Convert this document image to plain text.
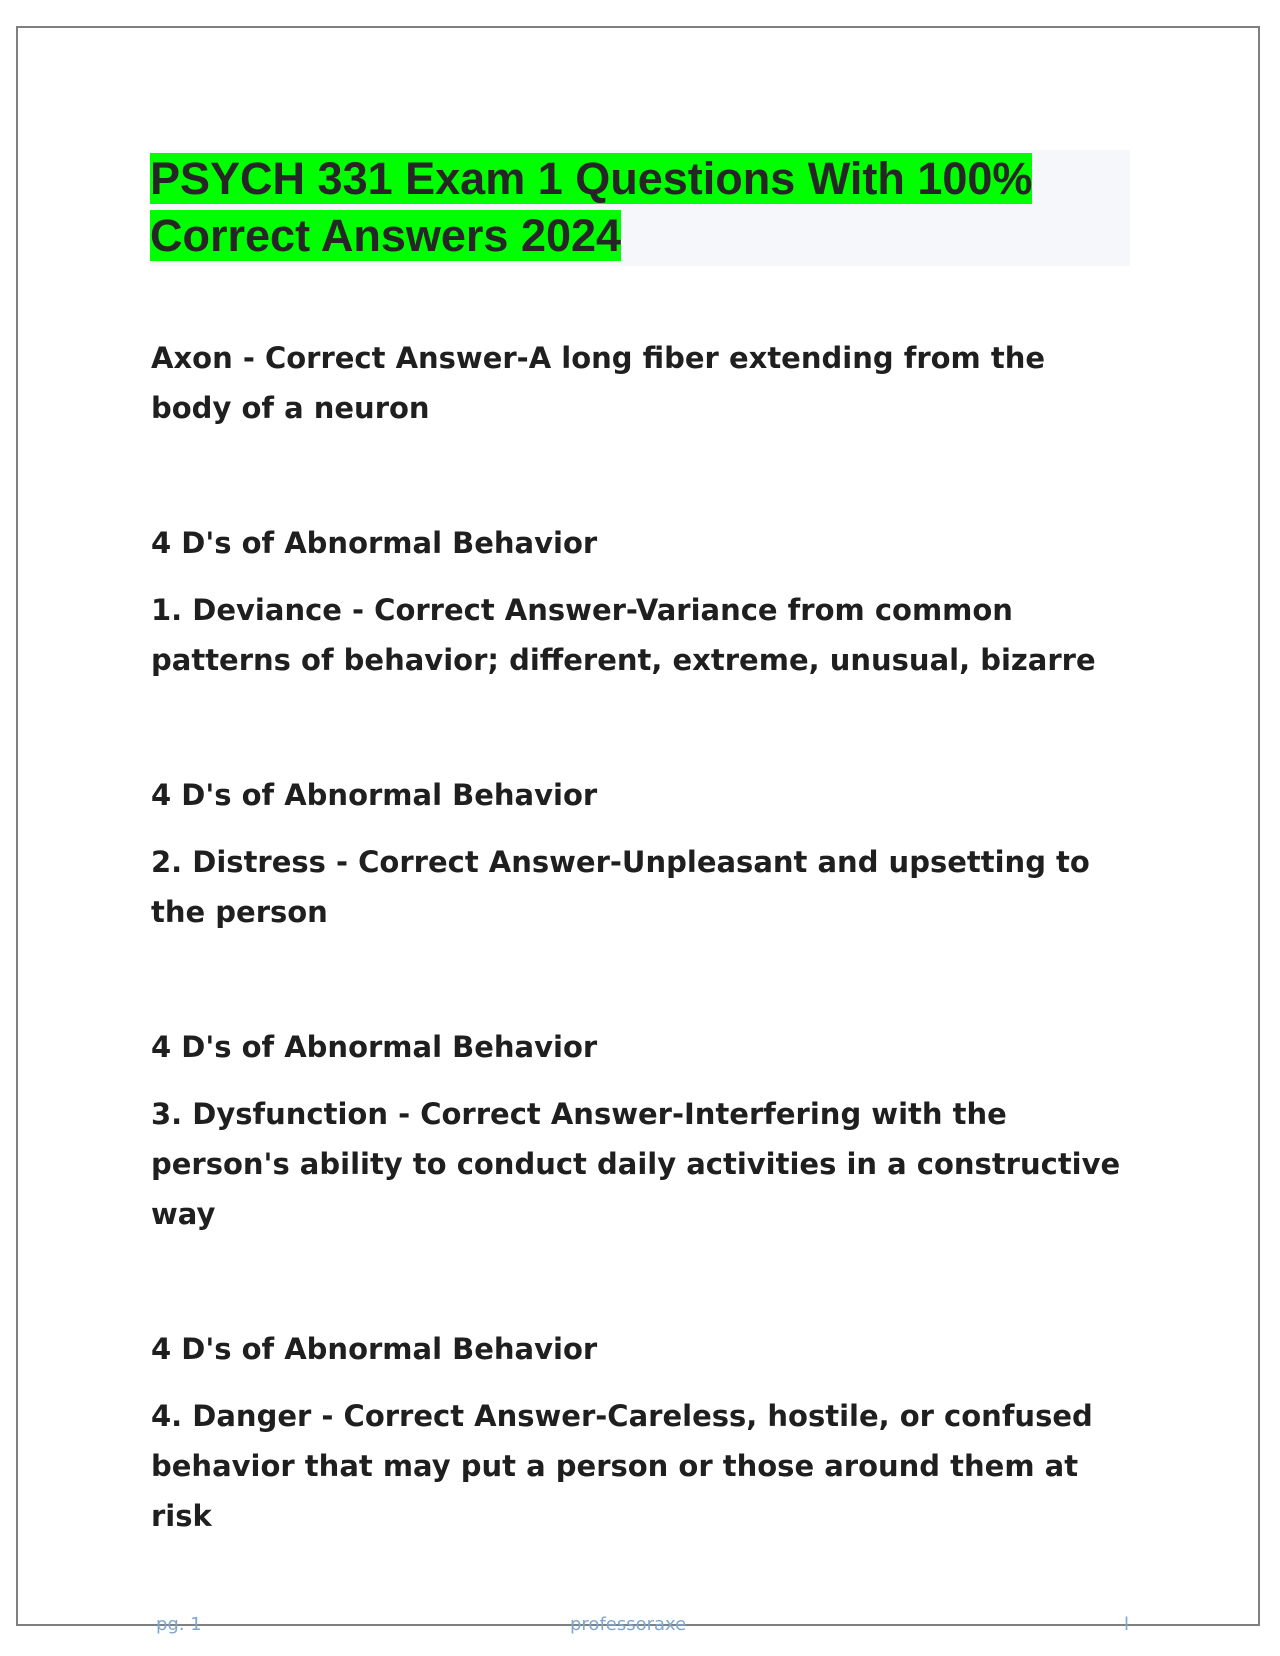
PSYCH 331 Exam 1 Questions With 100% Correct Answers 2024

Axon - Correct Answer-A long fiber extending from the body of a neuron

4 D's of Abnormal Behavior

1. Deviance - Correct Answer-Variance from common patterns of behavior; different, extreme, unusual, bizarre

4 D's of Abnormal Behavior

2. Distress - Correct Answer-Unpleasant and upsetting to the person

4 D's of Abnormal Behavior

3. Dysfunction - Correct Answer-Interfering with the person's ability to conduct daily activities in a constructive way

4 D's of Abnormal Behavior

4. Danger - Correct Answer-Careless, hostile, or confused behavior that may put a person or those around them at risk

pg. 1	professoraxe	l
